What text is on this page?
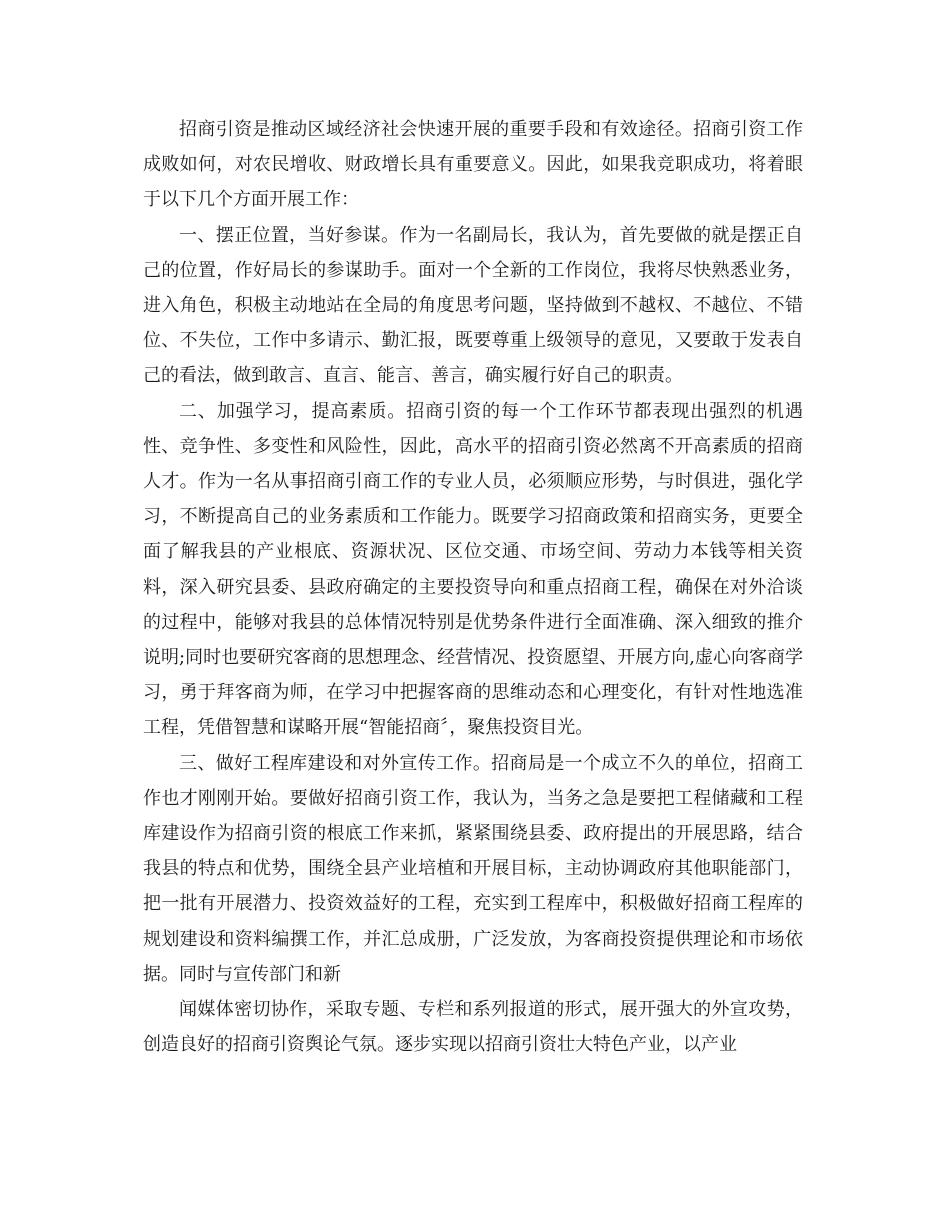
招商引资是推动区域经济社会快速开展的重要手段和有效途径。招商引资工作成败如何，对农民增收、财政增长具有重要意义。因此，如果我竞职成功，将着眼于以下几个方面开展工作：

一、摆正位置，当好参谋。作为一名副局长，我认为，首先要做的就是摆正自己的位置，作好局长的参谋助手。面对一个全新的工作岗位，我将尽快熟悉业务，进入角色，积极主动地站在全局的角度思考问题，坚持做到不越权、不越位、不错位、不失位，工作中多请示、勤汇报，既要尊重上级领导的意见，又要敢于发表自己的看法，做到敢言、直言、能言、善言，确实履行好自己的职责。

二、加强学习，提高素质。招商引资的每一个工作环节都表现出强烈的机遇性、竞争性、多变性和风险性，因此，高水平的招商引资必然离不开高素质的招商人才。作为一名从事招商引商工作的专业人员，必须顺应形势，与时俱进，强化学习，不断提高自己的业务素质和工作能力。既要学习招商政策和招商实务，更要全面了解我县的产业根底、资源状况、区位交通、市场空间、劳动力本钱等相关资料，深入研究县委、县政府确定的主要投资导向和重点招商工程，确保在对外洽谈的过程中，能够对我县的总体情况特别是优势条件进行全面准确、深入细致的推介说明;同时也要研究客商的思想理念、经营情况、投资愿望、开展方向,虚心向客商学习，勇于拜客商为师，在学习中把握客商的思维动态和心理变化，有针对性地选准工程，凭借智慧和谋略开展“智能招商〞，聚焦投资目光。

三、做好工程库建设和对外宣传工作。招商局是一个成立不久的单位，招商工作也才刚刚开始。要做好招商引资工作，我认为，当务之急是要把工程储藏和工程库建设作为招商引资的根底工作来抓，紧紧围绕县委、政府提出的开展思路，结合我县的特点和优势，围绕全县产业培植和开展目标，主动协调政府其他职能部门，把一批有开展潜力、投资效益好的工程，充实到工程库中，积极做好招商工程库的规划建设和资料编撰工作，并汇总成册，广泛发放，为客商投资提供理论和市场依据。同时与宣传部门和新

闻媒体密切协作，采取专题、专栏和系列报道的形式，展开强大的外宣攻势，创造良好的招商引资舆论气氛。逐步实现以招商引资壮大特色产业，以产业
